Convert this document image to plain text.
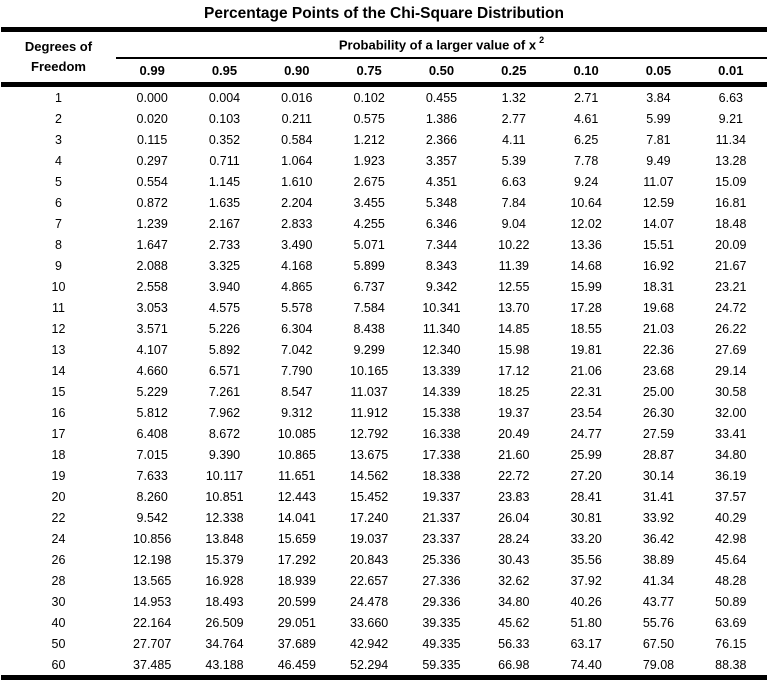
Percentage Points of the Chi-Square Distribution
Degrees of
Freedom	Probability of a larger value of x $^2$
	0.99	0.95	0.90	0.75	0.50	0.25	0.10	0.05	0.01
1	0.000	0.004	0.016	0.102	0.455	1.32	2.71	3.84	6.63
2	0.020	0.103	0.211	0.575	1.386	2.77	4.61	5.99	9.21
3	0.115	0.352	0.584	1.212	2.366	4.11	6.25	7.81	11.34
4	0.297	0.711	1.064	1.923	3.357	5.39	7.78	9.49	13.28
5	0.554	1.145	1.610	2.675	4.351	6.63	9.24	11.07	15.09
6	0.872	1.635	2.204	3.455	5.348	7.84	10.64	12.59	16.81
7	1.239	2.167	2.833	4.255	6.346	9.04	12.02	14.07	18.48
8	1.647	2.733	3.490	5.071	7.344	10.22	13.36	15.51	20.09
9	2.088	3.325	4.168	5.899	8.343	11.39	14.68	16.92	21.67
10	2.558	3.940	4.865	6.737	9.342	12.55	15.99	18.31	23.21
11	3.053	4.575	5.578	7.584	10.341	13.70	17.28	19.68	24.72
12	3.571	5.226	6.304	8.438	11.340	14.85	18.55	21.03	26.22
13	4.107	5.892	7.042	9.299	12.340	15.98	19.81	22.36	27.69
14	4.660	6.571	7.790	10.165	13.339	17.12	21.06	23.68	29.14
15	5.229	7.261	8.547	11.037	14.339	18.25	22.31	25.00	30.58
16	5.812	7.962	9.312	11.912	15.338	19.37	23.54	26.30	32.00
17	6.408	8.672	10.085	12.792	16.338	20.49	24.77	27.59	33.41
18	7.015	9.390	10.865	13.675	17.338	21.60	25.99	28.87	34.80
19	7.633	10.117	11.651	14.562	18.338	22.72	27.20	30.14	36.19
20	8.260	10.851	12.443	15.452	19.337	23.83	28.41	31.41	37.57
22	9.542	12.338	14.041	17.240	21.337	26.04	30.81	33.92	40.29
24	10.856	13.848	15.659	19.037	23.337	28.24	33.20	36.42	42.98
26	12.198	15.379	17.292	20.843	25.336	30.43	35.56	38.89	45.64
28	13.565	16.928	18.939	22.657	27.336	32.62	37.92	41.34	48.28
30	14.953	18.493	20.599	24.478	29.336	34.80	40.26	43.77	50.89
40	22.164	26.509	29.051	33.660	39.335	45.62	51.80	55.76	63.69
50	27.707	34.764	37.689	42.942	49.335	56.33	63.17	67.50	76.15
60	37.485	43.188	46.459	52.294	59.335	66.98	74.40	79.08	88.38
